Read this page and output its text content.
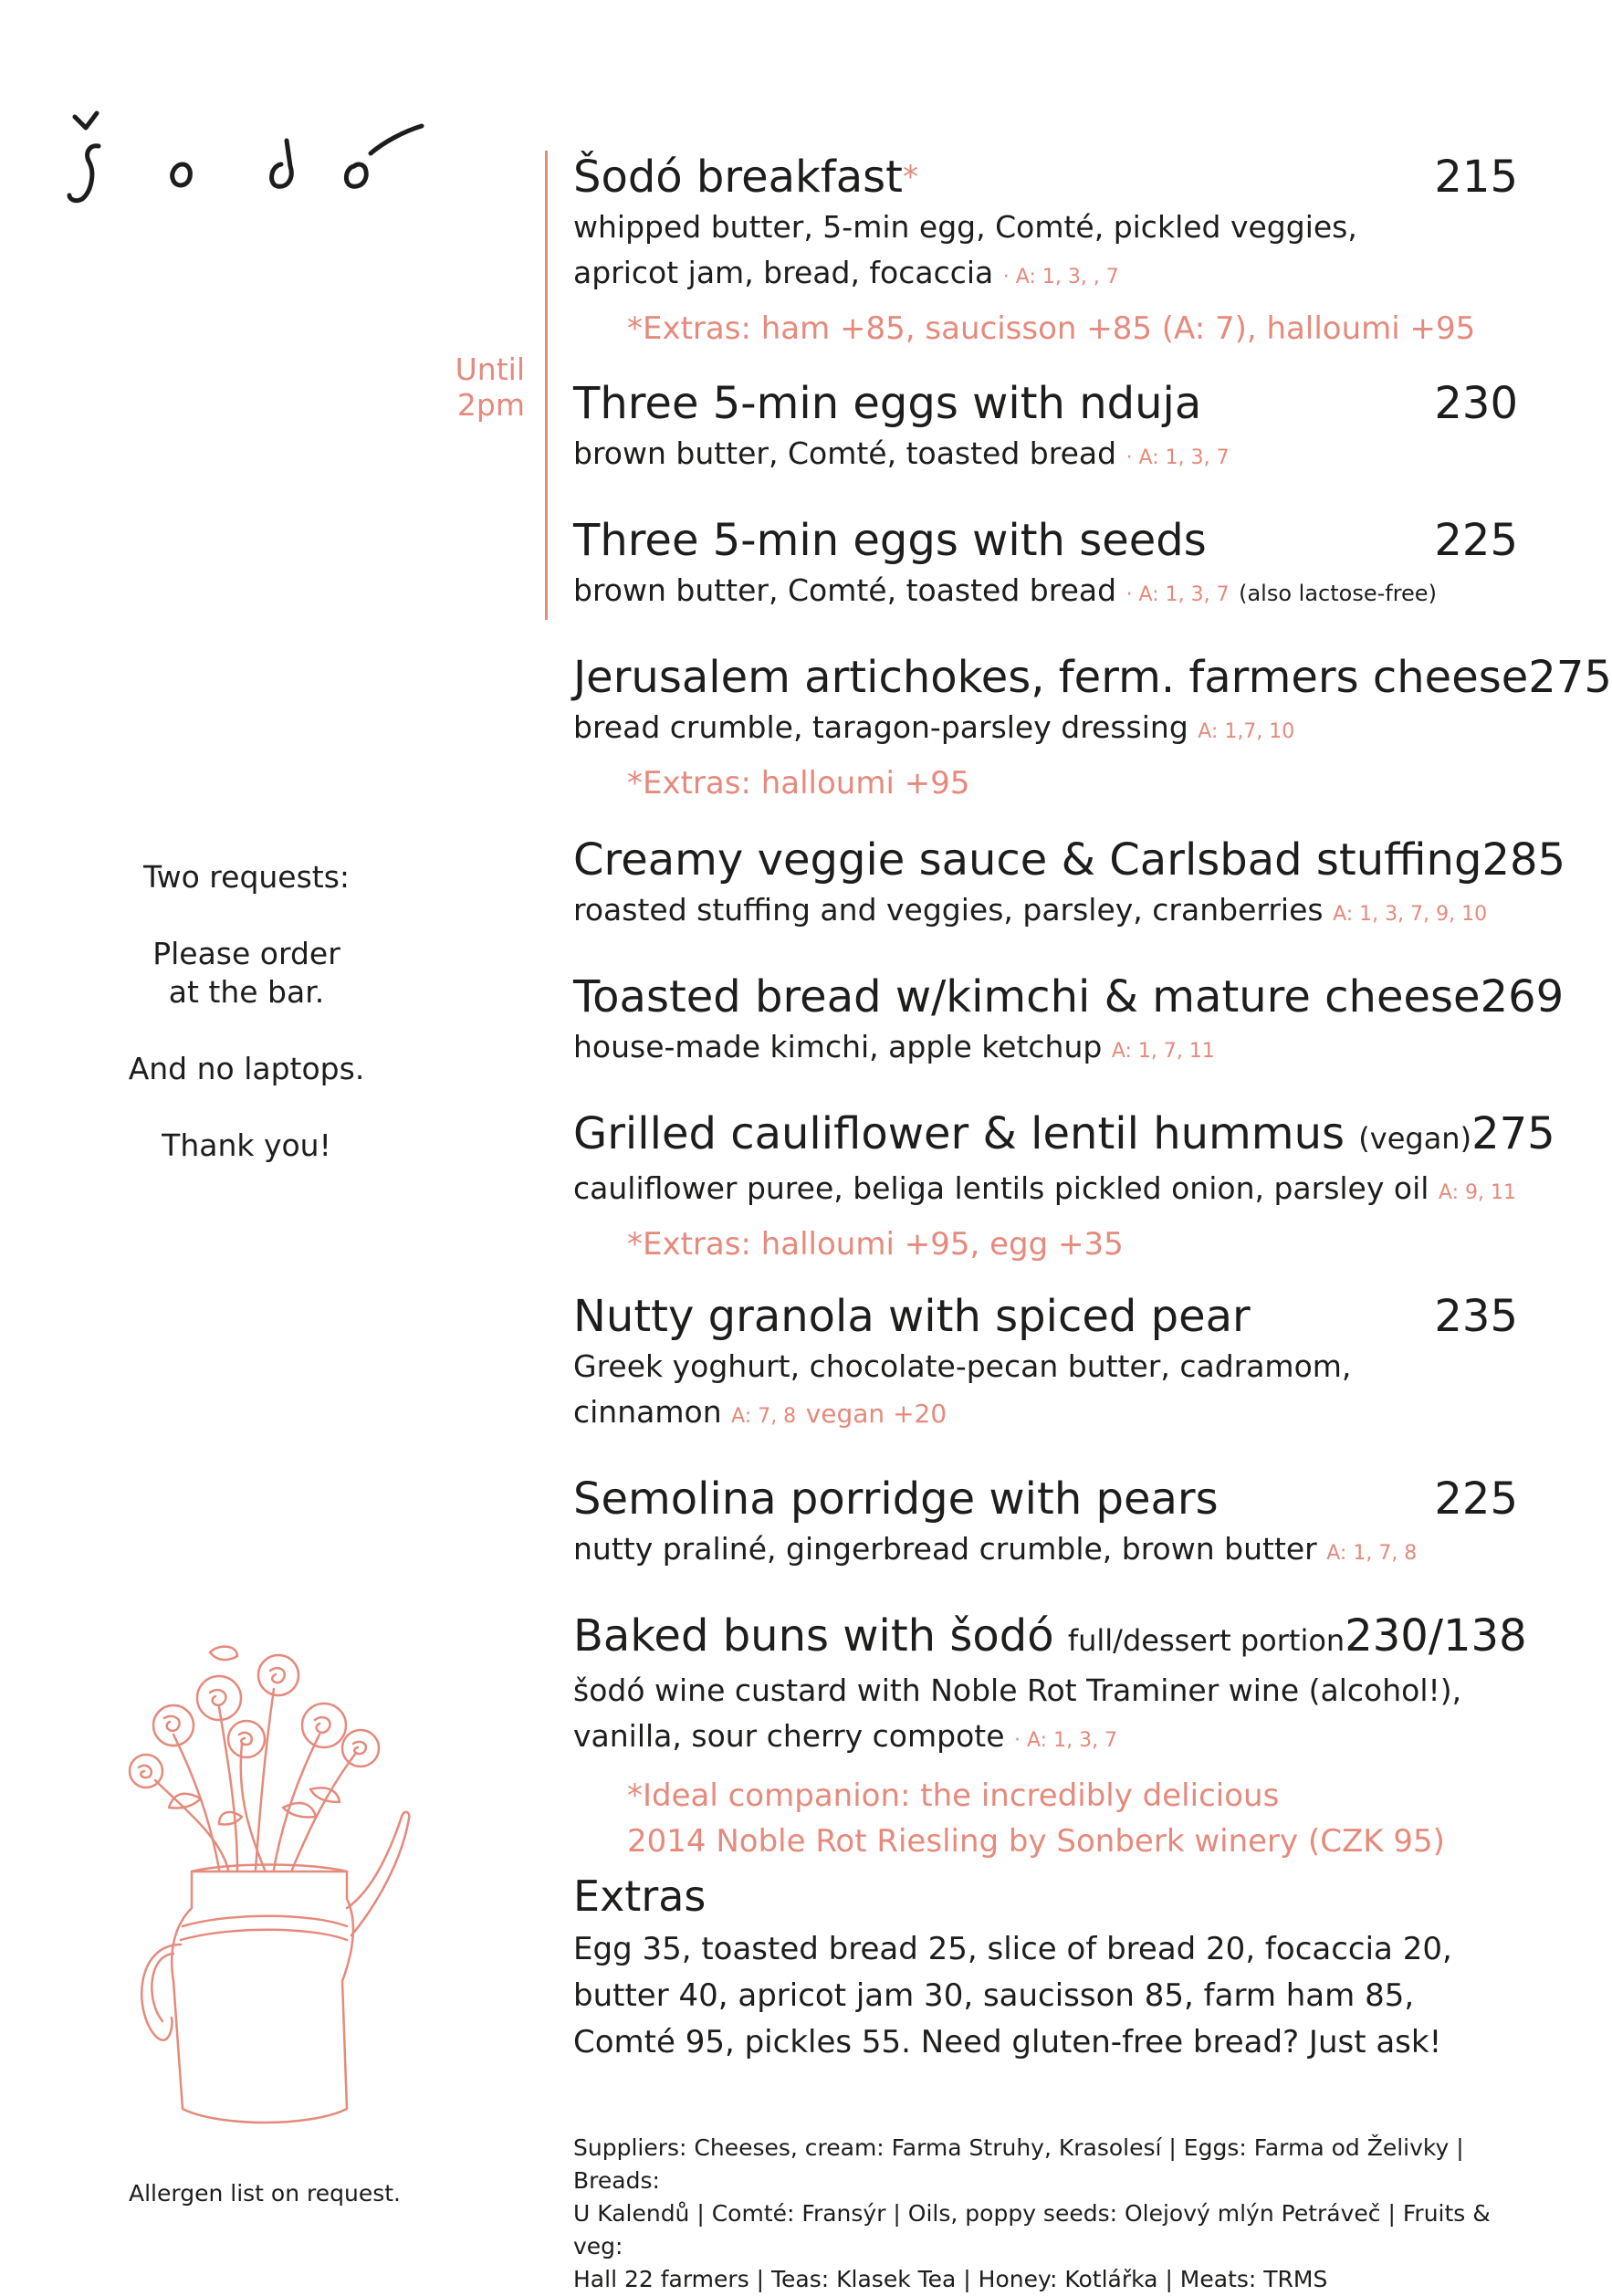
Until 2pm
Two requests:
Please order at the bar.
And no laptops.
Thank you!
Allergen list on request.
Šodó breakfast*	215
whipped butter, 5-min egg, Comté, pickled veggies,
apricot jam, bread, focaccia · A: 1, 3, , 7
*Extras: ham +85, saucisson +85 (A: 7), halloumi +95
Three 5-min eggs with nduja	230
brown butter, Comté, toasted bread · A: 1, 3, 7
Three 5-min eggs with seeds	225
brown butter, Comté, toasted bread · A: 1, 3, 7 (also lactose-free)
Jerusalem artichokes, ferm. farmers cheese 275
bread crumble, taragon-parsley dressing A: 1,7, 10
*Extras: halloumi +95
Creamy veggie sauce & Carlsbad stuffing 285
roasted stuffing and veggies, parsley, cranberries A: 1, 3, 7, 9, 10
Toasted bread w/kimchi & mature cheese 269
house-made kimchi, apple ketchup A: 1, 7, 11
Grilled cauliflower & lentil hummus (vegan) 275
cauliflower puree, beliga lentils pickled onion, parsley oil A: 9, 11
*Extras: halloumi +95, egg +35
Nutty granola with spiced pear	235
Greek yoghurt, chocolate-pecan butter, cadramom,
cinnamon A: 7, 8 vegan +20
Semolina porridge with pears	225
nutty praliné, gingerbread crumble, brown butter A: 1, 7, 8
Baked buns with šodó full/dessert portion 230/138
šodó wine custard with Noble Rot Traminer wine (alcohol!),
vanilla, sour cherry compote · A: 1, 3, 7
*Ideal companion: the incredibly delicious
2014 Noble Rot Riesling by Sonberk winery (CZK 95)
Extras
Egg 35, toasted bread 25, slice of bread 20, focaccia 20,
butter 40, apricot jam 30, saucisson 85, farm ham 85,
Comté 95, pickles 55. Need gluten-free bread? Just ask!
Suppliers: Cheeses, cream: Farma Struhy, Krasolesí | Eggs: Farma od Želivky | Breads:
U Kalendů | Comté: Fransýr | Oils, poppy seeds: Olejový mlýn Petráveč | Fruits & veg:
Hall 22 farmers | Teas: Klasek Tea | Honey: Kotlářka | Meats: TRMS
